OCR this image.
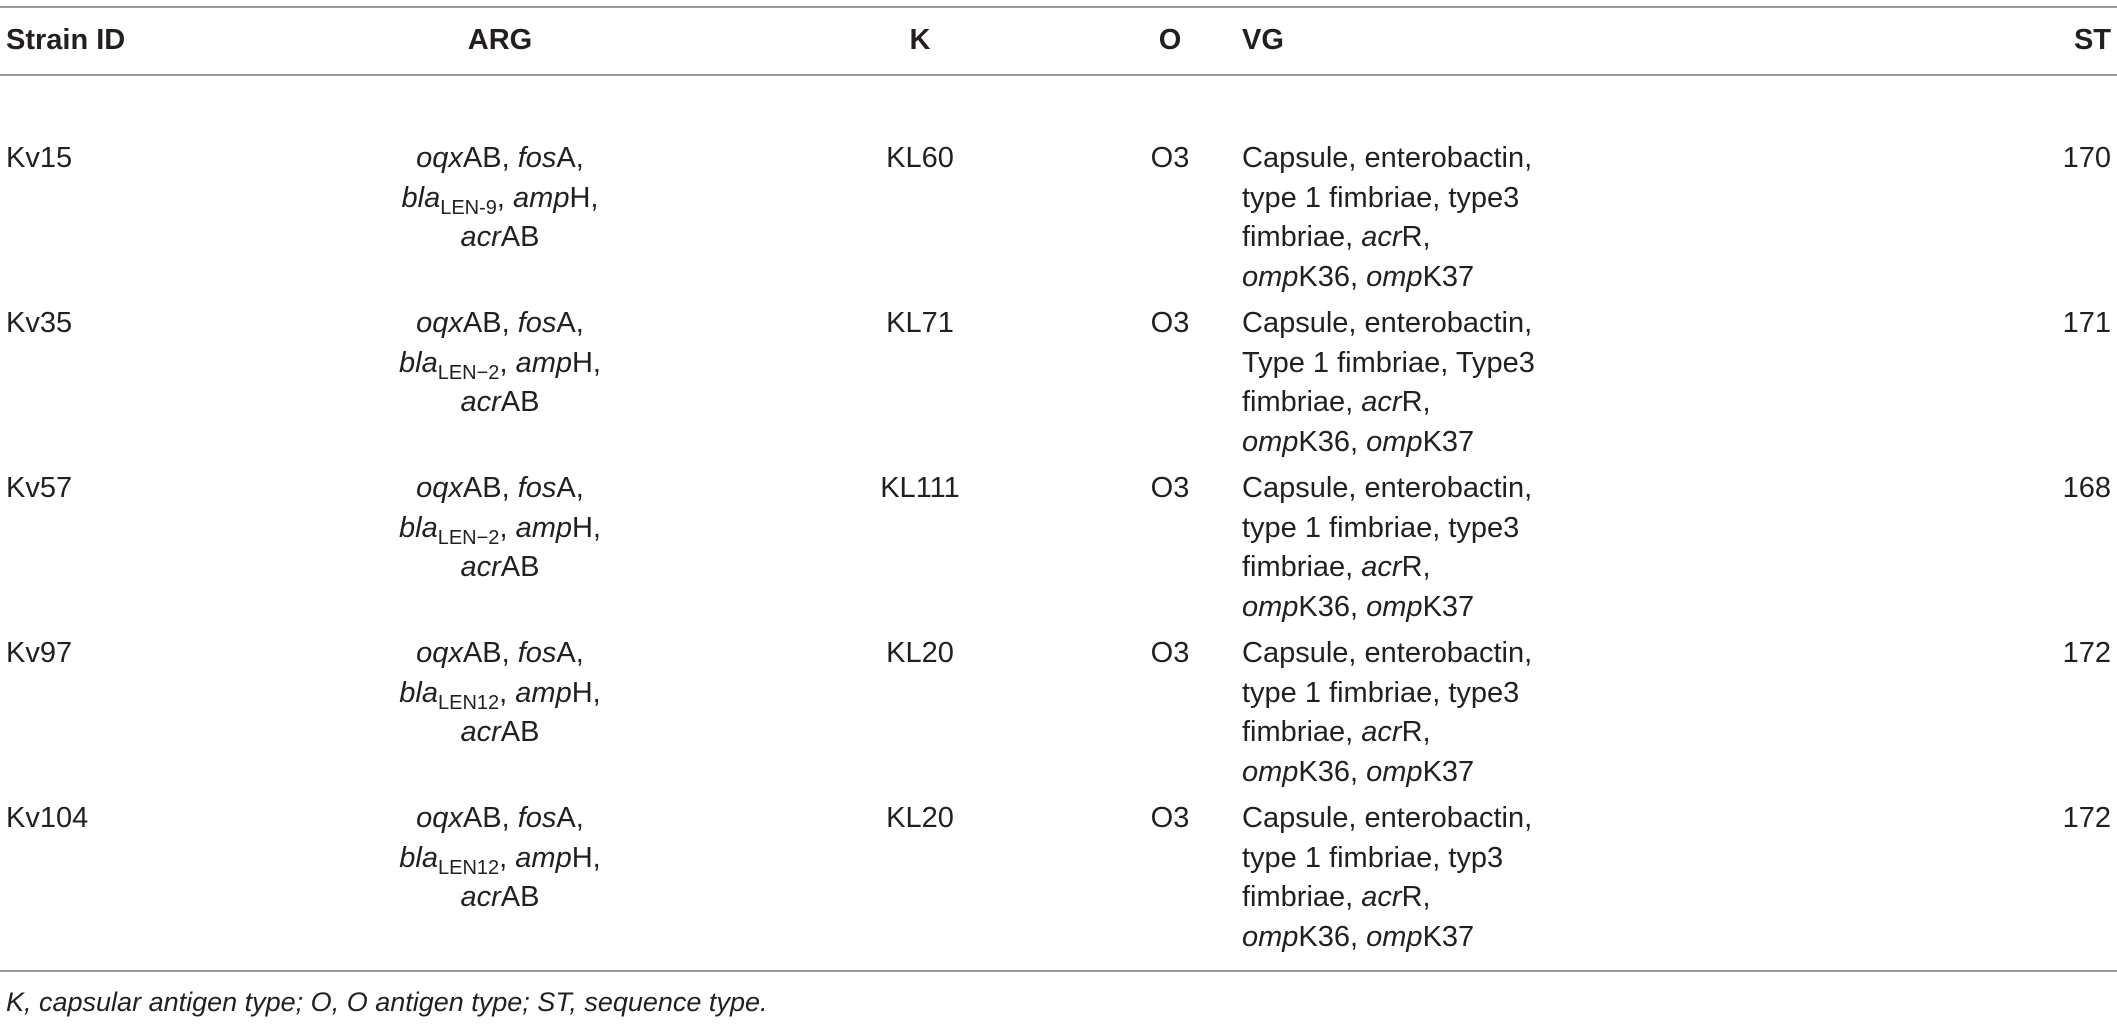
Strain ID	ARG	K	O	VG	ST

Kv15	oqxAB, fosA,
bla$_{LEN-9}$, ampH,
acrAB	KL60	O3	Capsule, enterobactin,
type 1 fimbriae, type3
fimbriae, acrR,
ompK36, ompK37	170
Kv35	oqxAB, fosA,
bla$_{LEN-2}$, ampH,
acrAB	KL71	O3	Capsule, enterobactin,
Type 1 fimbriae, Type3
fimbriae, acrR,
ompK36, ompK37	171
Kv57	oqxAB, fosA,
bla$_{LEN-2}$, ampH,
acrAB	KL111	O3	Capsule, enterobactin,
type 1 fimbriae, type3
fimbriae, acrR,
ompK36, ompK37	168
Kv97	oqxAB, fosA,
bla$_{LEN12}$, ampH,
acrAB	KL20	O3	Capsule, enterobactin,
type 1 fimbriae, type3
fimbriae, acrR,
ompK36, ompK37	172
Kv104	oqxAB, fosA,
bla$_{LEN12}$, ampH,
acrAB	KL20	O3	Capsule, enterobactin,
type 1 fimbriae, typ3
fimbriae, acrR,
ompK36, ompK37	172
K, capsular antigen type; O, O antigen type; ST, sequence type.
